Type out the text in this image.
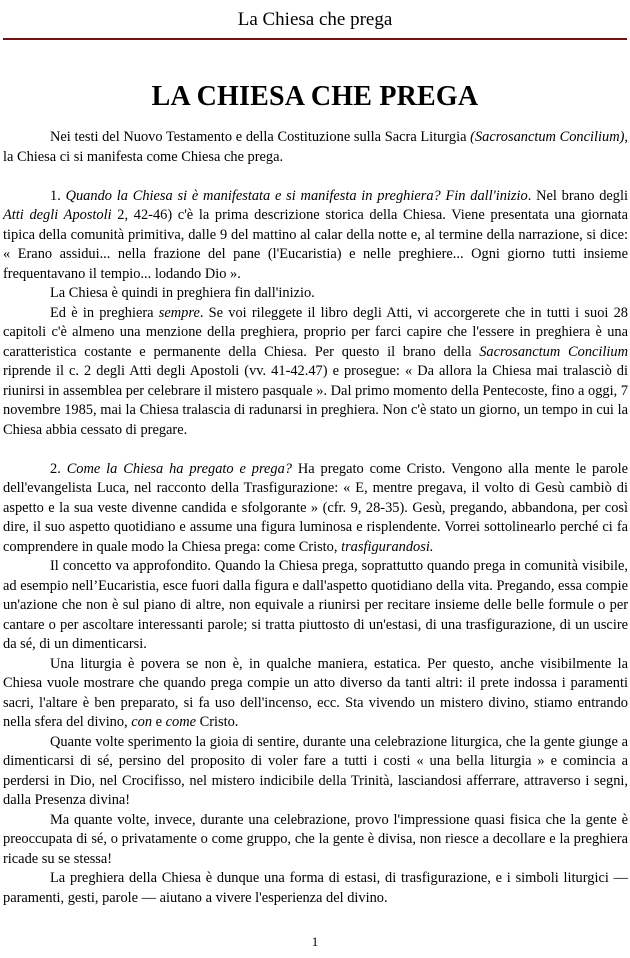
La Chiesa che prega
LA CHIESA CHE PREGA

Nei testi del Nuovo Testamento e della Costituzione sulla Sacra Liturgia (Sacrosanctum Concilium), la Chiesa ci si manifesta come Chiesa che prega.

1. Quando la Chiesa si è manifestata e si manifesta in preghiera? Fin dall'inizio. Nel brano degli Atti degli Apostoli 2, 42-46) c'è la prima descrizione storica della Chiesa. Viene presentata una giornata tipica della comunità primitiva, dalle 9 del mattino al calar della notte e, al termine della narrazione, si dice: « Erano assidui... nella frazione del pane (l'Eucaristia) e nelle preghiere... Ogni giorno tutti insieme frequentavano il tempio... lodando Dio ».

La Chiesa è quindi in preghiera fin dall'inizio.

Ed è in preghiera sempre. Se voi rileggete il libro degli Atti, vi accorgerete che in tutti i suoi 28 capitoli c'è almeno una menzione della preghiera, proprio per farci capire che l'essere in preghiera è una caratteristica costante e permanente della Chiesa. Per questo il brano della Sacrosanctum Concilium riprende il c. 2 degli Atti degli Apostoli (vv. 41-42.47) e prosegue: « Da allora la Chiesa mai tralasciò di riunirsi in assemblea per celebrare il mistero pasquale ». Dal primo momento della Pentecoste, fino a oggi, 7 novembre 1985, mai la Chiesa tralascia di radunarsi in preghiera. Non c'è stato un giorno, un tempo in cui la Chiesa abbia cessato di pregare.

2. Come la Chiesa ha pregato e prega? Ha pregato come Cristo. Vengono alla mente le parole dell'evangelista Luca, nel racconto della Trasfigurazione: « E, mentre pregava, il volto di Gesù cambiò di aspetto e la sua veste divenne candida e sfolgorante » (cfr. 9, 28-35). Gesù, pregando, abbandona, per così dire, il suo aspetto quotidiano e assume una figura luminosa e risplendente. Vorrei sottolinearlo perché ci fa comprendere in quale modo la Chiesa prega: come Cristo, trasfigurandosi.

Il concetto va approfondito. Quando la Chiesa prega, soprattutto quando prega in comunità visibile, ad esempio nell’Eucaristia, esce fuori dalla figura e dall'aspetto quotidiano della vita. Pregando, essa compie un'azione che non è sul piano di altre, non equivale a riunirsi per recitare insieme delle belle formule o per cantare o per ascoltare interessanti parole; si tratta piuttosto di un'estasi, di una trasfigurazione, di un uscire da sé, di un dimenticarsi.

Una liturgia è povera se non è, in qualche maniera, estatica. Per questo, anche visibilmente la Chiesa vuole mostrare che quando prega compie un atto diverso da tanti altri: il prete indossa i paramenti sacri, l'altare è ben preparato, si fa uso dell'incenso, ecc. Sta vivendo un mistero divino, stiamo entrando nella sfera del divino, con e come Cristo.

Quante volte sperimento la gioia di sentire, durante una celebrazione liturgica, che la gente giunge a dimenticarsi di sé, persino del proposito di voler fare a tutti i costi « una bella liturgia » e comincia a perdersi in Dio, nel Crocifisso, nel mistero indicibile della Trinità, lasciandosi afferrare, attraverso i segni, dalla Presenza divina!

Ma quante volte, invece, durante una celebrazione, provo l'impressione quasi fisica che la gente è preoccupata di sé, o privatamente o come gruppo, che la gente è divisa, non riesce a decollare e la preghiera ricade su se stessa!

La preghiera della Chiesa è dunque una forma di estasi, di trasfigurazione, e i simboli liturgici — paramenti, gesti, parole — aiutano a vivere l'esperienza del divino.

1
